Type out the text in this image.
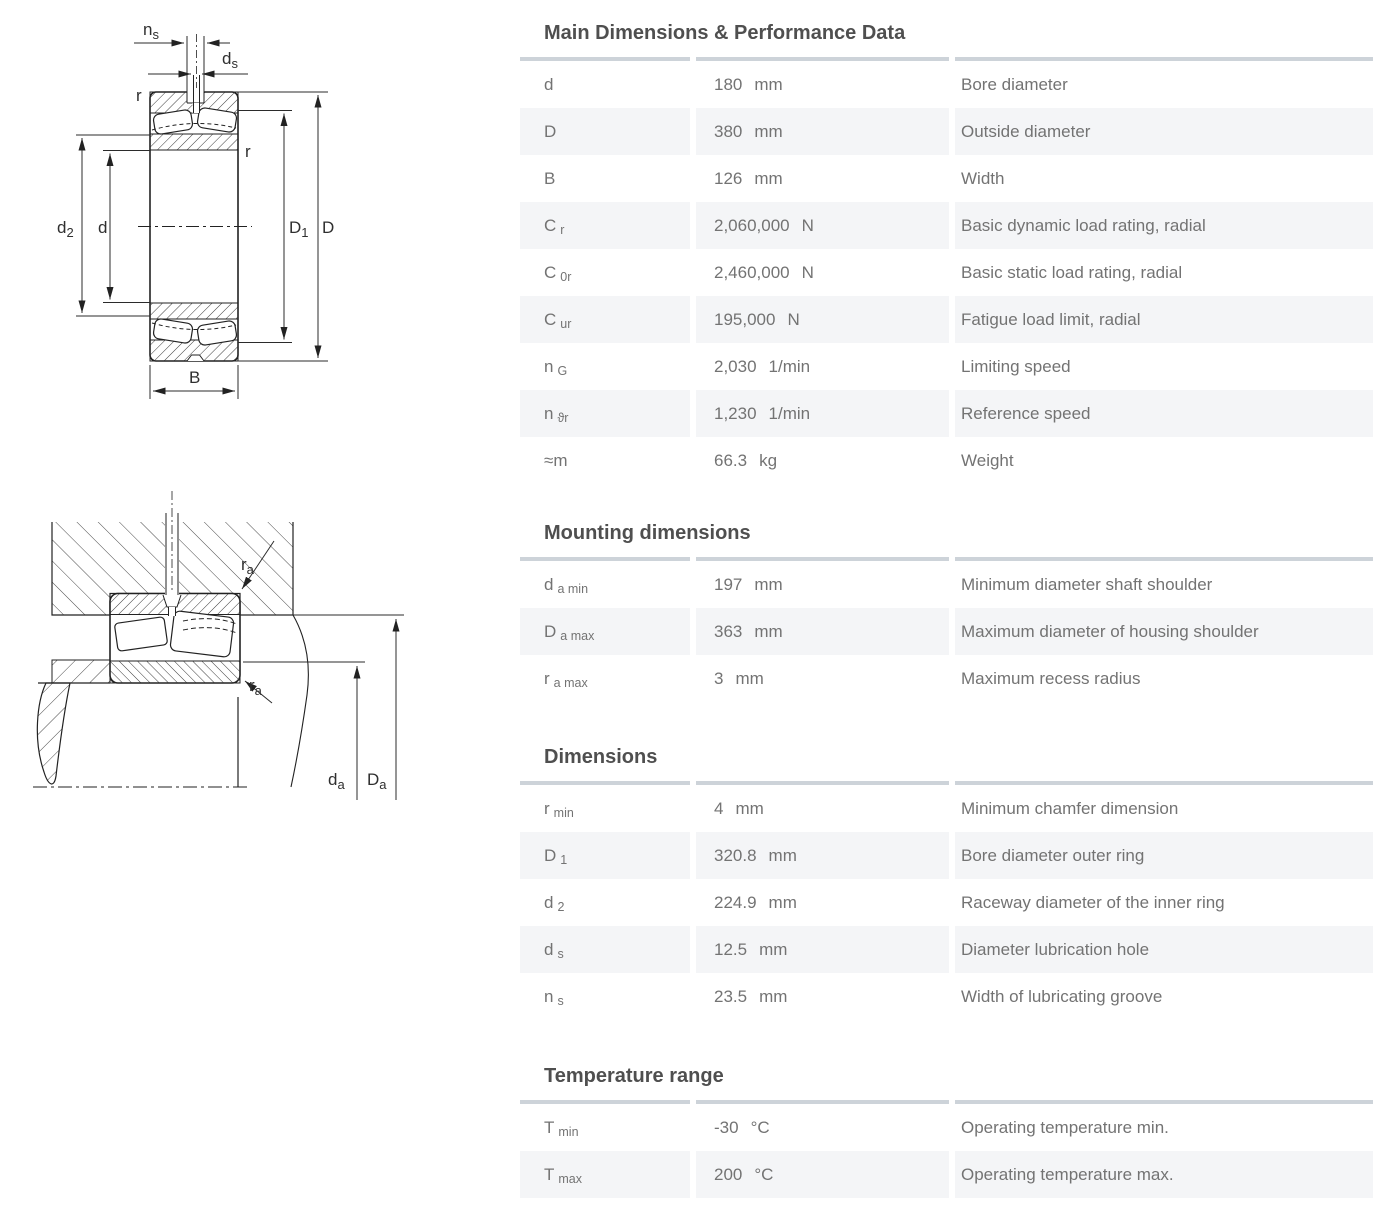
$n_s$
$d_s$
r
r
$d_2$ d	$D_1$ D
B
$r_a$
$r_a$
$d_a$ $D_a$
Main Dimensions & Performance Data
d	180 mm	Bore diameter
D	380 mm	Outside diameter
B	126 mm	Width
C r	2,060,000 N	Basic dynamic load rating, radial
C 0r	2,460,000 N	Basic static load rating, radial
C ur	195,000 N	Fatigue load limit, radial
n G	2,030 1/min	Limiting speed
n ϑr	1,230 1/min	Reference speed
≈m	66.3 kg	Weight
Mounting dimensions
d a min	197 mm	Minimum diameter shaft shoulder
D a max	363 mm	Maximum diameter of housing shoulder
r a max	3 mm	Maximum recess radius
Dimensions
r min	4 mm	Minimum chamfer dimension
D 1	320.8 mm	Bore diameter outer ring
d 2	224.9 mm	Raceway diameter of the inner ring
d s	12.5 mm	Diameter lubrication hole
n s	23.5 mm	Width of lubricating groove
Temperature range
T min	-30 °C	Operating temperature min.
T max	200 °C	Operating temperature max.
